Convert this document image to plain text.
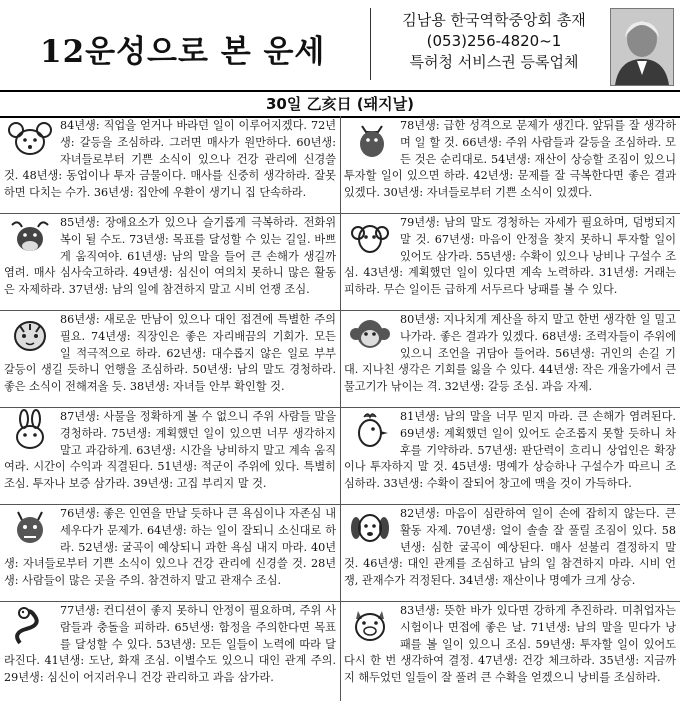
12운성으로 본 운세
김남용 한국역학중앙회 총재
(053)256-4820~1
특허청 서비스권 등록업체
30일 乙亥日 (돼지날)
84년생: 직업을 얻거나 바라던 일이 이루어지겠다. 72년생: 갈등을 조심하라. 그러면 매사가 원만하다. 60년생: 자녀들로부터 기쁜 소식이 있으나 건강 관리에 신경쓸 것. 48년생: 동업이나 투자 금물이다. 매사를 신중히 생각하라. 잘못하면 다치는 수가. 36년생: 집안에 우환이 생기니 집 단속하라.
85년생: 장애요소가 있으나 슬기롭게 극복하라. 전화위복이 될 수도. 73년생: 목표를 달성할 수 있는 길일. 바쁘게 움직여야. 61년생: 남의 말을 들어 큰 손해가 생길까 염려. 매사 심사숙고하라. 49년생: 심신이 여의치 못하니 많은 활동은 자제하라. 37년생: 남의 일에 참견하지 말고 시비 언쟁 조심.
86년생: 새로운 만남이 있으나 대인 접견에 특별한 주의 필요. 74년생: 직장인은 좋은 자리배끔의 기회가. 모든 일 적극적으로 하라. 62년생: 대수롭지 않은 일로 부부 갈등이 생길 듯하니 언행을 조심하라. 50년생: 남의 말도 경청하라. 좋은 소식이 전해져올 듯. 38년생: 자녀들 안부 확인할 것.
87년생: 사물을 정확하게 볼 수 없으니 주위 사람들 말을 경청하라. 75년생: 계획했던 일이 있으면 너무 생각하지 말고 과감하게. 63년생: 시간을 낭비하지 말고 계속 움직여라. 시간이 수익과 직결된다. 51년생: 적군이 주위에 있다. 특별히 조심. 투자나 보증 삼가라. 39년생: 고집 부리지 말 것.
76년생: 좋은 인연을 만날 듯하나 큰 욕심이나 자존심 내세우다가 문제가. 64년생: 하는 일이 잘되니 소신대로 하라. 52년생: 굴곡이 예상되니 과한 욕심 내지 마라. 40년생: 자녀들로부터 기쁜 소식이 있으나 건강 관리에 신경쓸 것. 28년생: 사람들이 많은 곳을 주의. 참견하지 말고 관재수 조심.
77년생: 컨디션이 좋지 못하니 안정이 필요하며, 주위 사람들과 충돌을 피하라. 65년생: 함정을 주의한다면 목표를 달성할 수 있다. 53년생: 모든 일들이 노력에 따라 달라진다. 41년생: 도난, 화재 조심. 이별수도 있으니 대인 관계 주의. 29년생: 심신이 어지러우니 건강 관리하고 과음 삼가라.
78년생: 급한 성격으로 문제가 생긴다. 앞뒤를 잘 생각하며 일 할 것. 66년생: 주위 사람들과 갈등을 조심하라. 모든 것은 순리대로. 54년생: 재산이 상승할 조짐이 있으니 투자할 일이 있으면 하라. 42년생: 문제를 잘 극복한다면 좋은 결과 있겠다. 30년생: 자녀들로부터 기쁜 소식이 있겠다.
79년생: 남의 말도 경청하는 자세가 필요하며, 덤벙되지 말 것. 67년생: 마음이 안정을 찾지 못하니 투자할 일이 있어도 삼가라. 55년생: 수확이 있으나 낭비나 구설수 조심. 43년생: 계획했던 일이 있다면 계속 노력하라. 31년생: 거래는 피하라. 무슨 일이든 급하게 서두르다 낭패를 볼 수 있다.
80년생: 지나치게 계산을 하지 말고 한번 생각한 일 밀고 나가라. 좋은 결과가 있겠다. 68년생: 조력자들이 주위에 있으니 조언을 귀담아 들어라. 56년생: 귀인의 손길 기대. 지나친 생각은 기회를 잃을 수 있다. 44년생: 작은 개울가에서 큰 물고기가 낚이는 격. 32년생: 갈등 조심. 과음 자제.
81년생: 남의 말을 너무 믿지 마라. 큰 손해가 염려된다. 69년생: 계획했던 일이 있어도 순조롭지 못할 듯하니 차후를 기약하라. 57년생: 판단력이 흐리니 상업인은 확장이나 투자하지 말 것. 45년생: 명예가 상승하나 구설수가 따르니 조심하라. 33년생: 수확이 잘되어 창고에 맥을 것이 가득하다.
82년생: 마음이 심란하여 일이 손에 잡히지 않는다. 큰 활동 자제. 70년생: 얼이 솔솔 잘 풀릴 조짐이 있다. 58년생: 심한 굴곡이 예상된다. 매사 섣불리 결정하지 말 것. 46년생: 대인 관계를 조심하고 남의 일 참견하지 마라. 시비 언쟁, 관재수가 걱정된다. 34년생: 재산이나 명예가 크게 상승.
83년생: 뜻한 바가 있다면 강하게 추진하라. 미취업자는 시험이나 면접에 좋은 날. 71년생: 남의 말을 믿다가 낭패를 볼 일이 있으니 조심. 59년생: 투자할 일이 있어도 다시 한 번 생각하여 결정. 47년생: 건강 체크하라. 35년생: 지금까지 해두었던 일들이 잘 풀려 큰 수확을 얻겠으니 낭비를 조심하라.
